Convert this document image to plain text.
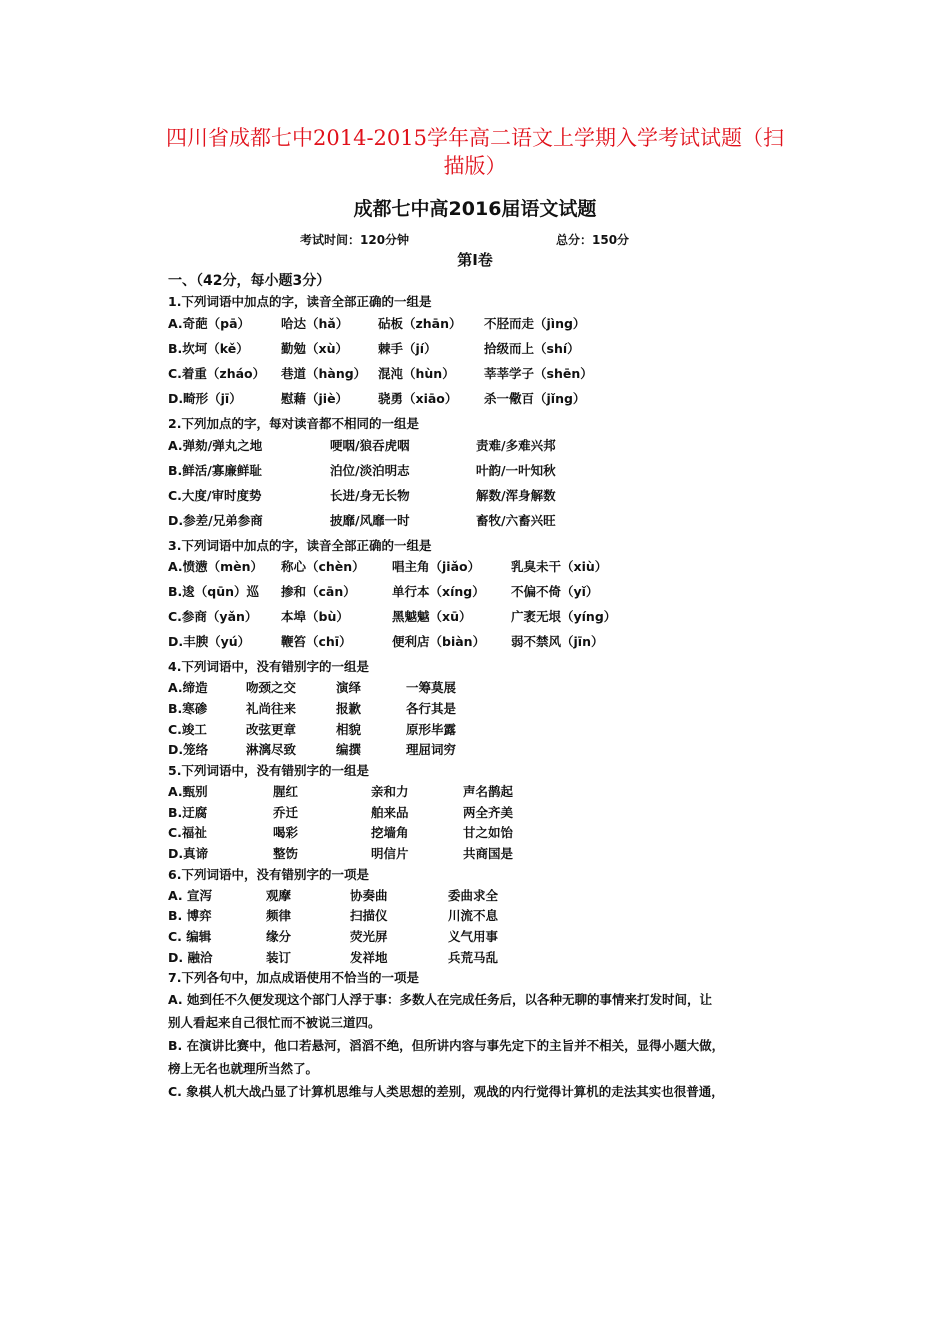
四川省成都七中2014-2015学年高二语文上学期入学考试试题（扫
描版）
成都七中高2016届语文试题
考试时间：120分钟	总分：150分
第Ⅰ卷
一、（42分，每小题3分）
1.下列词语中加点的字，读音全部正确的一组是
A.奇葩（pā） 哈达（hǎ） 砧板（zhān） 不胫而走（jìng）
B.坎坷（kě）	勤勉（xù） 棘手（jí）	拾级而上（shí）
C.着重（zháo） 巷道（hàng） 混沌（hùn） 莘莘学子（shēn）
D.畸形（jī）	慰藉（jiè） 骁勇（xiāo） 杀一儆百（jǐng）
2.下列加点的字，每对读音都不相同的一组是
A.弹劾/弹丸之地	哽咽/狼吞虎咽	责难/多难兴邦
B.鲜活/寡廉鲜耻	泊位/淡泊明志	叶韵/一叶知秋
C.大度/审时度势	长进/身无长物	解数/浑身解数
D.参差/兄弟参商	披靡/风靡一时	畜牧/六畜兴旺
3.下列词语中加点的字，读音全部正确的一组是
A.愤懑（mèn） 称心（chèn） 唱主角（jiǎo） 乳臭未干（xiù）
B.逡（qūn）巡 掺和（cān）	单行本（xíng） 不偏不倚（yǐ）
C.参商（yǎn） 本埠（bù）	黑魆魆（xū）	广袤无垠（yíng）
D.丰腴（yú） 鞭笞（chī）	便利店（biàn） 弱不禁风（jīn）
4.下列词语中，没有错别字的一组是
A.缔造	吻颈之交	演绎	一筹莫展
B.寒碜	礼尚往来	报歉	各行其是
C.竣工	改弦更章	相貌	原形毕露
D.笼络	淋漓尽致	编撰	理屈词穷
5.下列词语中，没有错别字的一组是
A.甄别	腥红	亲和力	声名鹊起
B.迂腐	乔迁	舶来品	两全齐美
C.福祉	喝彩	挖墙角	甘之如饴
D.真谛	整饬	明信片	共商国是
6.下列词语中，没有错别字的一项是
A. 宣泻	观摩	协奏曲	委曲求全
B. 博弈	频律	扫描仪	川流不息
C. 编辑	缘分	荧光屏	义气用事
D. 融洽	装订	发祥地	兵荒马乱
7.下列各句中，加点成语使用不恰当的一项是
A. 她到任不久便发现这个部门人浮于事：多数人在完成任务后，以各种无聊的事情来打发时间，让
别人看起来自己很忙而不被说三道四。
B. 在演讲比赛中，他口若悬河，滔滔不绝，但所讲内容与事先定下的主旨并不相关，显得小题大做，
榜上无名也就理所当然了。
C. 象棋人机大战凸显了计算机思维与人类思想的差别，观战的内行觉得计算机的走法其实也很普通，
